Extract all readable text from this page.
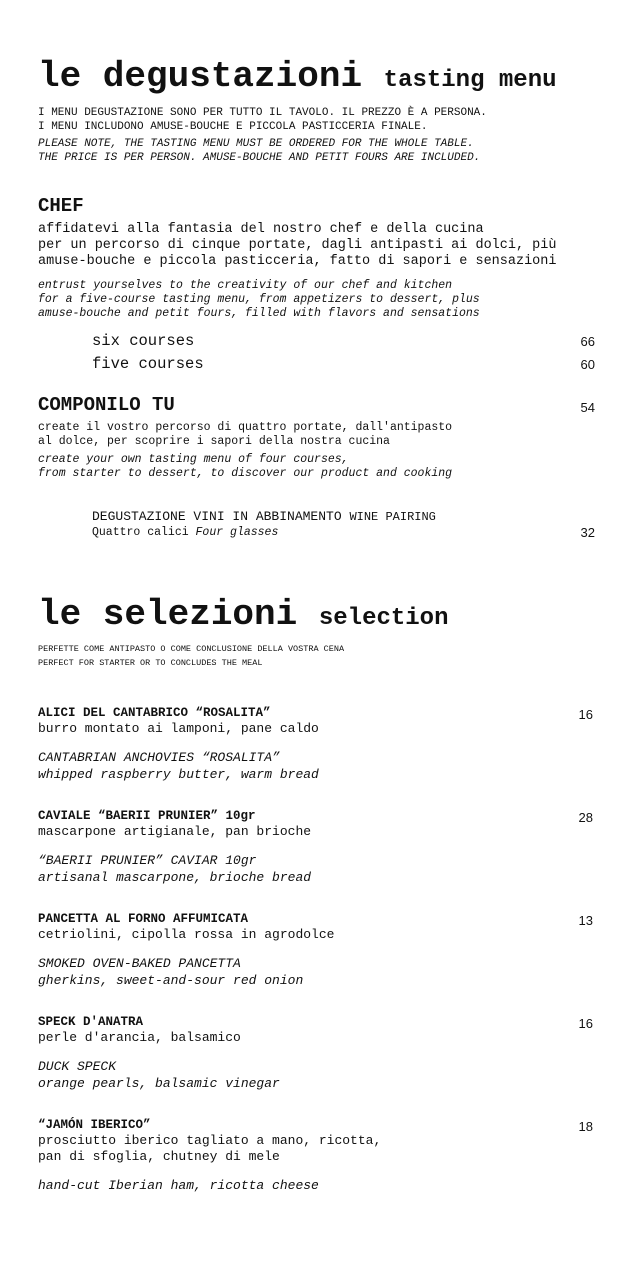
le degustazioni tasting menu
I MENU DEGUSTAZIONE SONO PER TUTTO IL TAVOLO. IL PREZZO È A PERSONA.
I MENU INCLUDONO AMUSE-BOUCHE E PICCOLA PASTICCERIA FINALE.
PLEASE NOTE, THE TASTING MENU MUST BE ORDERED FOR THE WHOLE TABLE.
THE PRICE IS PER PERSON. AMUSE-BOUCHE AND PETIT FOURS ARE INCLUDED.
CHEF
affidatevi alla fantasia del nostro chef e della cucina
per un percorso di cinque portate, dagli antipasti ai dolci, più
amuse-bouche e piccola pasticceria, fatto di sapori e sensazioni
entrust yourselves to the creativity of our chef and kitchen
for a five-course tasting menu, from appetizers to dessert, plus
amuse-bouche and petit fours, filled with flavors and sensations
six courses	66
five courses	60
COMPONILO TU	54
create il vostro percorso di quattro portate, dall'antipasto
al dolce, per scoprire i sapori della nostra cucina
create your own tasting menu of four courses,
from starter to dessert, to discover our product and cooking
DEGUSTAZIONE VINI IN ABBINAMENTO WINE PAIRING
Quattro calici Four glasses	32
le selezioni selection
PERFETTE COME ANTIPASTO O COME CONCLUSIONE DELLA VOSTRA CENA
PERFECT FOR STARTER OR TO CONCLUDES THE MEAL
ALICI DEL CANTABRICO “ROSALITA”
burro montato ai lamponi, pane caldo
CANTABRIAN ANCHOVIES “ROSALITA”
whipped raspberry butter, warm bread
16
CAVIALE “BAERII PRUNIER” 10gr
mascarpone artigianale, pan brioche
“BAERII PRUNIER” CAVIAR 10gr
artisanal mascarpone, brioche bread
28
PANCETTA AL FORNO AFFUMICATA
cetriolini, cipolla rossa in agrodolce
SMOKED OVEN-BAKED PANCETTA
gherkins, sweet-and-sour red onion
13
SPECK D'ANATRA
perle d'arancia, balsamico
DUCK SPECK
orange pearls, balsamic vinegar
16
“JAMÓN IBERICO”
prosciutto iberico tagliato a mano, ricotta,
pan di sfoglia, chutney di mele
hand-cut Iberian ham, ricotta cheese
18
